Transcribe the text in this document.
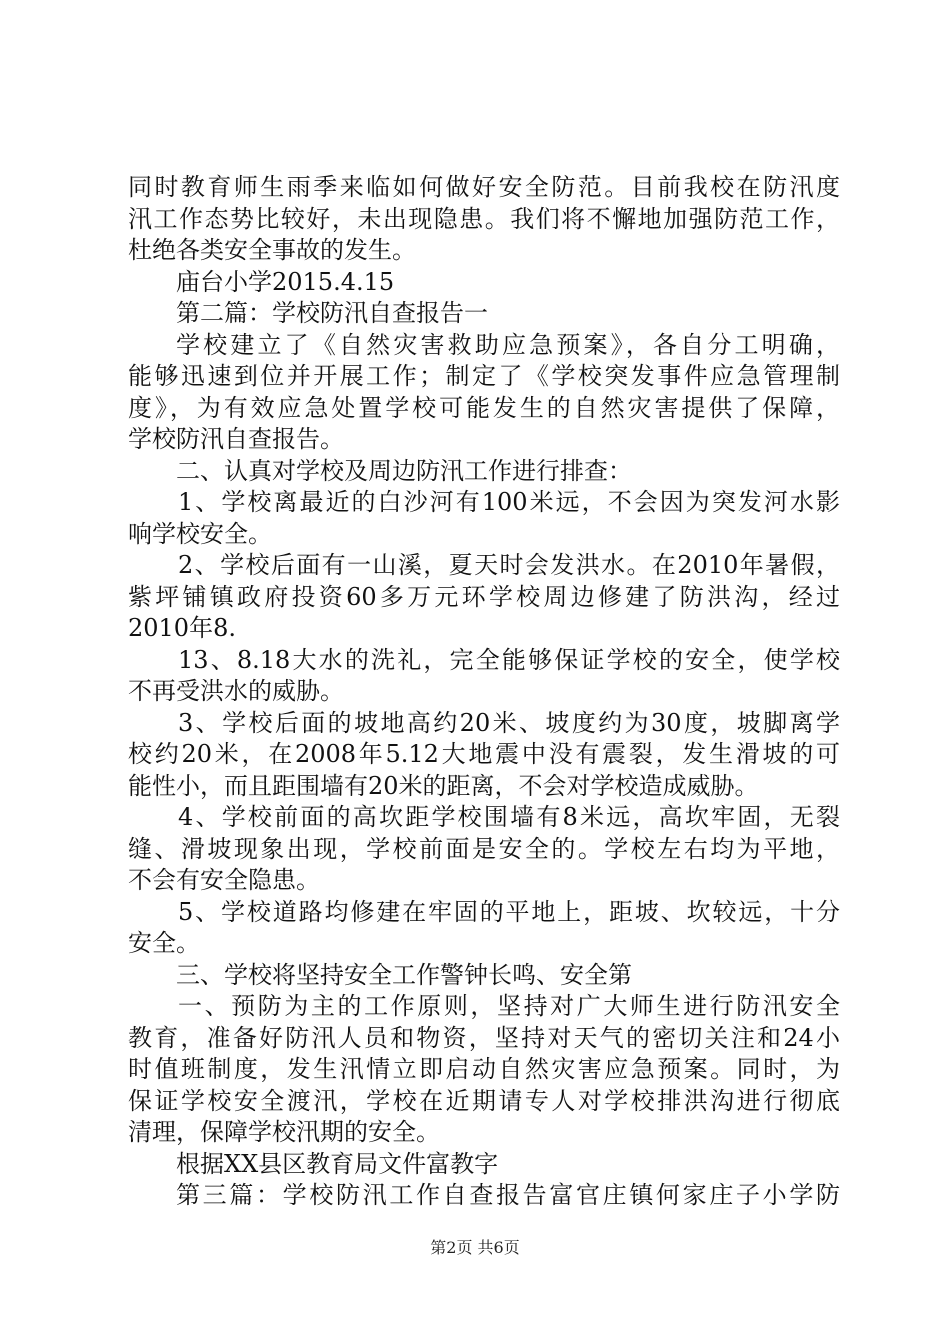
同时教育师生雨季来临如何做好安全防范。目前我校在防汛度
汛工作态势比较好，未出现隐患。我们将不懈地加强防范工作，
杜绝各类安全事故的发生。
庙台小学2015.4.15
第二篇：学校防汛自查报告一
学校建立了《自然灾害救助应急预案》，各自分工明确，
能够迅速到位并开展工作；制定了《学校突发事件应急管理制
度》，为有效应急处置学校可能发生的自然灾害提供了保障，
学校防汛自查报告。
二、认真对学校及周边防汛工作进行排查：
1、学校离最近的白沙河有100米远，不会因为突发河水影
响学校安全。
2、学校后面有一山溪，夏天时会发洪水。在2010年暑假，
紫坪铺镇政府投资60多万元环学校周边修建了防洪沟，经过
2010年8.
13、8.18大水的洗礼，完全能够保证学校的安全，使学校
不再受洪水的威胁。
3、学校后面的坡地高约20米、坡度约为30度，坡脚离学
校约20米，在2008年5.12大地震中没有震裂，发生滑坡的可
能性小，而且距围墙有20米的距离，不会对学校造成威胁。
4、学校前面的高坎距学校围墙有8米远，高坎牢固，无裂
缝、滑坡现象出现，学校前面是安全的。学校左右均为平地，
不会有安全隐患。
5、学校道路均修建在牢固的平地上，距坡、坎较远，十分
安全。
三、学校将坚持安全工作警钟长鸣、安全第
一、预防为主的工作原则，坚持对广大师生进行防汛安全
教育，准备好防汛人员和物资，坚持对天气的密切关注和24小
时值班制度，发生汛情立即启动自然灾害应急预案。同时，为
保证学校安全渡汛，学校在近期请专人对学校排洪沟进行彻底
清理，保障学校汛期的安全。
根据XX县区教育局文件富教字
第三篇：学校防汛工作自查报告富官庄镇何家庄子小学防
第2页 共6页
